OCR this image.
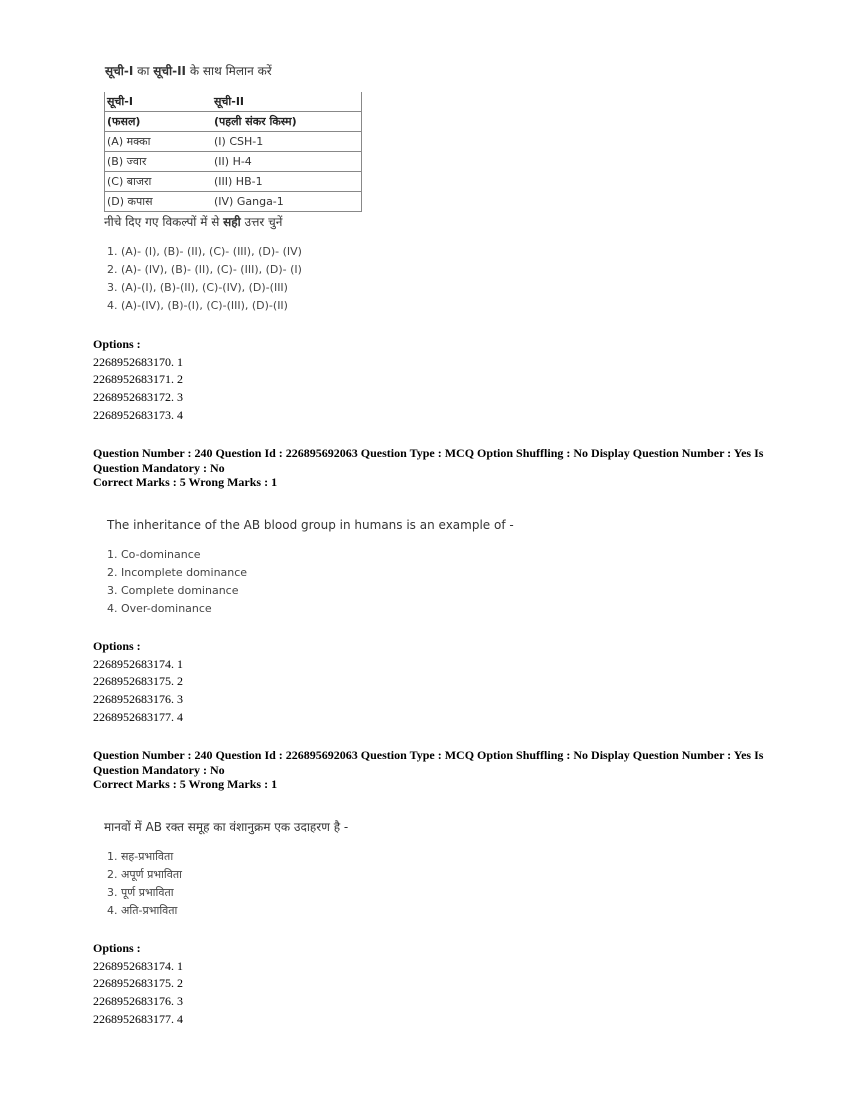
सूची-I का सूची-II के साथ मिलान करें
सूची-I	सूची-II
(फसल)	(पहली संकर किस्म)
(A) मक्का	(I) CSH-1
(B) ज्वार	(II) H-4
(C) बाजरा	(III) HB-1
(D) कपास	(IV) Ganga-1
नीचे दिए गए विकल्पों में से सही उत्तर चुनें
1. (A)- (I), (B)- (II), (C)- (III), (D)- (IV)
2. (A)- (IV), (B)- (II), (C)- (III), (D)- (I)
3. (A)-(I), (B)-(II), (C)-(IV), (D)-(III)
4. (A)-(IV), (B)-(I), (C)-(III), (D)-(II)
Options :
2268952683170. 1
2268952683171. 2
2268952683172. 3
2268952683173. 4
Question Number : 240 Question Id : 226895692063 Question Type : MCQ Option Shuffling : No Display Question Number : Yes Is Question Mandatory : No
Correct Marks : 5 Wrong Marks : 1
The inheritance of the AB blood group in humans is an example of -
1. Co-dominance
2. Incomplete dominance
3. Complete dominance
4. Over-dominance
Options :
2268952683174. 1
2268952683175. 2
2268952683176. 3
2268952683177. 4
Question Number : 240 Question Id : 226895692063 Question Type : MCQ Option Shuffling : No Display Question Number : Yes Is Question Mandatory : No
Correct Marks : 5 Wrong Marks : 1
मानवों में AB रक्त समूह का वंशानुक्रम एक उदाहरण है -
1. सह-प्रभाविता
2. अपूर्ण प्रभाविता
3. पूर्ण प्रभाविता
4. अति-प्रभाविता
Options :
2268952683174. 1
2268952683175. 2
2268952683176. 3
2268952683177. 4
